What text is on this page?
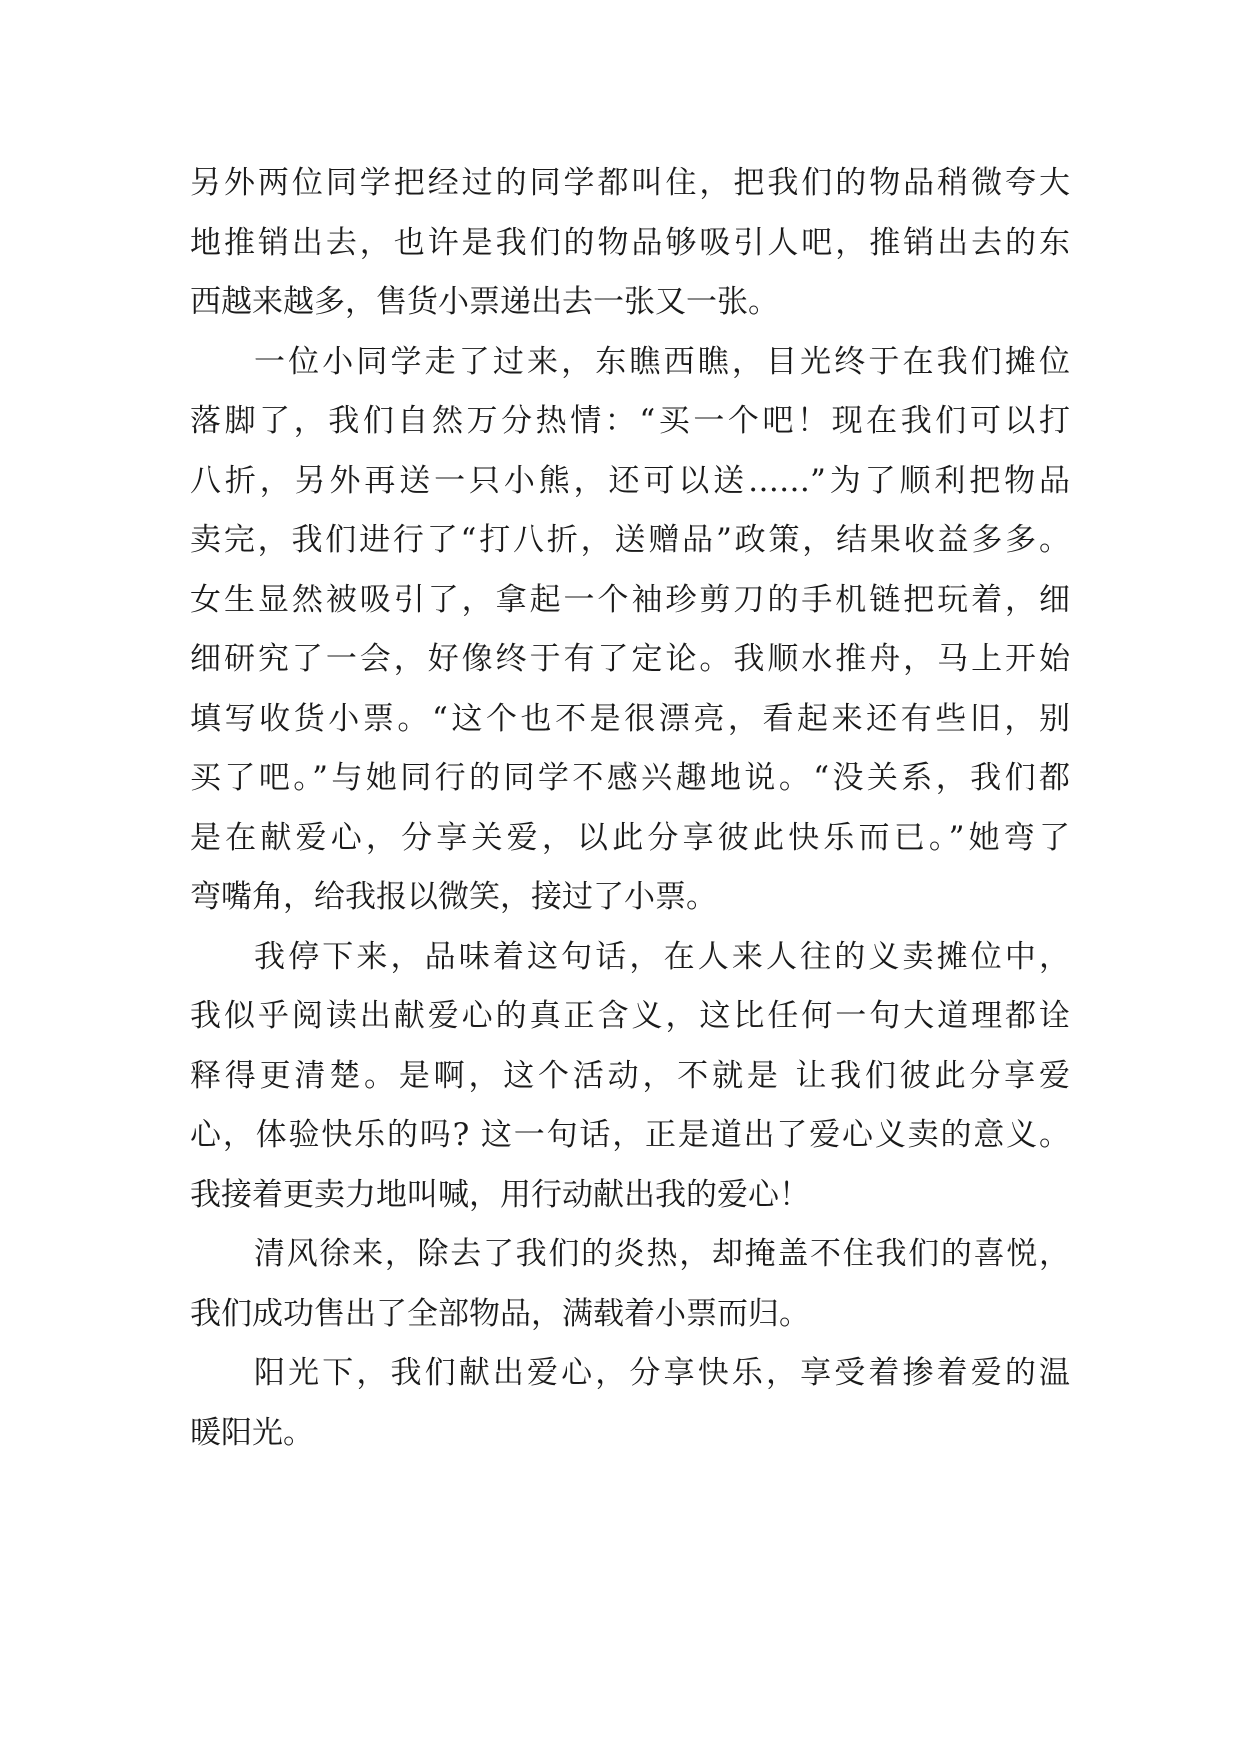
另外两位同学把经过的同学都叫住，把我们的物品稍微夸大
地推销出去，也许是我们的物品够吸引人吧，推销出去的东
西越来越多，售货小票递出去一张又一张。
一位小同学走了过来，东瞧西瞧，目光终于在我们摊位
落脚了，我们自然万分热情：“买一个吧！现在我们可以打
八折，另外再送一只小熊，还可以送……”为了顺利把物品
卖完，我们进行了“打八折，送赠品”政策，结果收益多多。
女生显然被吸引了，拿起一个袖珍剪刀的手机链把玩着，细
细研究了一会，好像终于有了定论。我顺水推舟，马上开始
填写收货小票。“这个也不是很漂亮，看起来还有些旧，别
买了吧。”与她同行的同学不感兴趣地说。“没关系，我们都
是在献爱心，分享关爱，以此分享彼此快乐而已。”她弯了
弯嘴角，给我报以微笑，接过了小票。
我停下来，品味着这句话，在人来人往的义卖摊位中，
我似乎阅读出献爱心的真正含义，这比任何一句大道理都诠
释得更清楚。是啊，这个活动，不就是 让我们彼此分享爱
心，体验快乐的吗? 这一句话，正是道出了爱心义卖的意义。
我接着更卖力地叫喊，用行动献出我的爱心！
清风徐来，除去了我们的炎热，却掩盖不住我们的喜悦，
我们成功售出了全部物品，满载着小票而归。
阳光下，我们献出爱心，分享快乐，享受着掺着爱的温
暖阳光。
